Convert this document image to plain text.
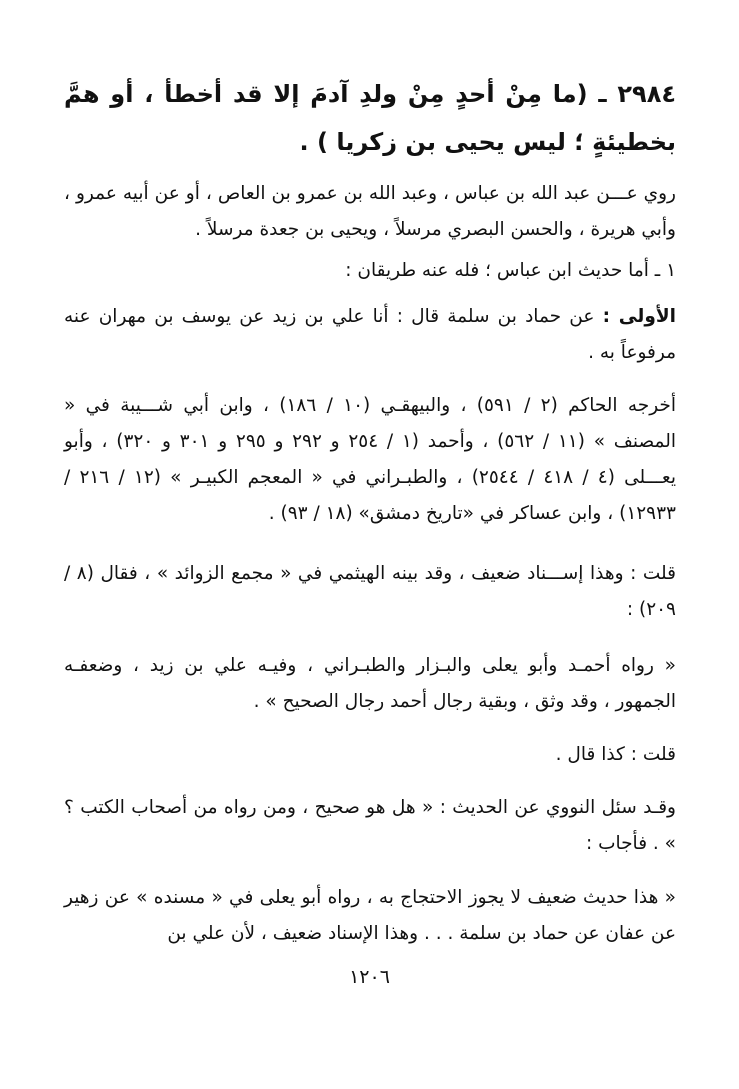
٢٩٨٤ ـ (ما مِنْ أحدٍ مِنْ ولدِ آدمَ إلا قد أخطأ ، أو همَّ بخطيئةٍ ؛ ليس يحيى بن زكريا ) .
روي عـــن عبد الله بن عباس ، وعبد الله بن عمرو بن العاص ، أو عن أبيه عمرو ، وأبي هريرة ، والحسن البصري مرسلاً ، ويحيى بن جعدة مرسلاً .
١ ـ أما حديث ابن عباس ؛ فله عنه طريقان :
الأولى : عن حماد بن سلمة قال : أنا علي بن زيد عن يوسف بن مهران عنه مرفوعاً به .
أخرجه الحاكم (٢ / ٥٩١) ، والبيهقـي (١٠ / ١٨٦) ، وابن أبي شـــيبة في « المصنف » (١١ / ٥٦٢) ، وأحمد (١ / ٢٥٤ و ٢٩٢ و ٢٩٥ و ٣٠١ و ٣٢٠) ، وأبو يعـــلى (٤ / ٤١٨ / ٢٥٤٤) ، والطبـراني في « المعجم الكبيـر » (١٢ / ٢١٦ / ١٢٩٣٣) ، وابن عساكر في «تاريخ دمشق» (١٨ / ٩٣) .
قلت : وهذا إســـناد ضعيف ، وقد بينه الهيثمي في « مجمع الزوائد » ، فقال (٨ / ٢٠٩) :
« رواه أحمـد وأبو يعلى والبـزار والطبـراني ، وفيـه علي بن زيد ، وضعفـه الجمهور ، وقد وثق ، وبقية رجال أحمد رجال الصحيح » .
قلت : كذا قال .
وقـد سئل النووي عن الحديث : « هل هو صحيح ، ومن رواه من أصحاب الكتب ؟ » . فأجاب :
« هذا حديث ضعيف لا يجوز الاحتجاج به ، رواه أبو يعلى في « مسنده » عن زهير عن عفان عن حماد بن سلمة . . . وهذا الإسناد ضعيف ، لأن علي بن
١٢٠٦
